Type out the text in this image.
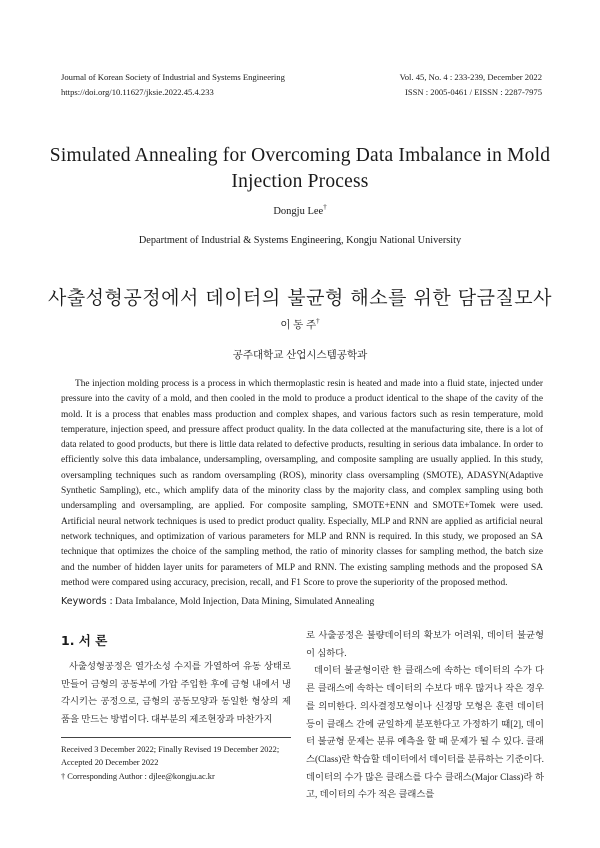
Journal of Korean Society of Industrial and Systems Engineering
https://doi.org/10.11627/jksie.2022.45.4.233
Vol. 45, No. 4 : 233-239, December 2022
ISSN : 2005-0461 / EISSN : 2287-7975
Simulated Annealing for Overcoming Data Imbalance in Mold
Injection Process
Dongju Lee†
Department of Industrial & Systems Engineering, Kongju National University
사출성형공정에서 데이터의 불균형 해소를 위한 담금질모사
이 동 주†
공주대학교 산업시스템공학과

The injection molding process is a process in which thermoplastic resin is heated and made into a fluid state, injected under pressure into the cavity of a mold, and then cooled in the mold to produce a product identical to the shape of the cavity of the mold. It is a process that enables mass production and complex shapes, and various factors such as resin temperature, mold temperature, injection speed, and pressure affect product quality. In the data collected at the manufacturing site, there is a lot of data related to good products, but there is little data related to defective products, resulting in serious data imbalance. In order to efficiently solve this data imbalance, undersampling, oversampling, and composite sampling are usually applied. In this study, oversampling techniques such as random oversampling (ROS), minority class oversampling (SMOTE), ADASYN(Adaptive Synthetic Sampling), etc., which amplify data of the minority class by the majority class, and complex sampling using both undersampling and oversampling, are applied. For composite sampling, SMOTE+ENN and SMOTE+Tomek were used. Artificial neural network techniques is used to predict product quality. Especially, MLP and RNN are applied as artificial neural network techniques, and optimization of various parameters for MLP and RNN is required. In this study, we proposed an SA technique that optimizes the choice of the sampling method, the ratio of minority classes for sampling method, the batch size and the number of hidden layer units for parameters of MLP and RNN. The existing sampling methods and the proposed SA method were compared using accuracy, precision, recall, and F1 Score to prove the superiority of the proposed method.

Keywords : Data Imbalance, Mold Injection, Data Mining, Simulated Annealing
1. 서 론

사출성형공정은 열가소성 수지를 가열하여 유동 상태로 만들어 금형의 공동부에 가압 주입한 후에 금형 내에서 냉각시키는 공정으로, 금형의 공동모양과 동일한 형상의 제품을 만드는 방법이다. 대부분의 제조현장과 마찬가지

Received 3 December 2022; Finally Revised 19 December 2022; Accepted 20 December 2022
† Corresponding Author : djlee@kongju.ac.kr

로 사출공정은 불량데이터의 확보가 어려워, 데이터 불균형이 심하다.

데이터 불균형이란 한 클래스에 속하는 데이터의 수가 다른 클래스에 속하는 데이터의 수보다 매우 많거나 작은 경우를 의미한다. 의사결정모형이나 신경망 모형은 훈련 데이터 등이 클래스 간에 균일하게 분포한다고 가정하기 때[2], 데이터 불균형 문제는 분류 예측을 할 때 문제가 될 수 있다. 클래스(Class)란 학습할 데이터에서 데이터를 분류하는 기준이다. 데이터의 수가 많은 클래스를 다수 클래스(Major Class)라 하고, 데이터의 수가 적은 클래스를
